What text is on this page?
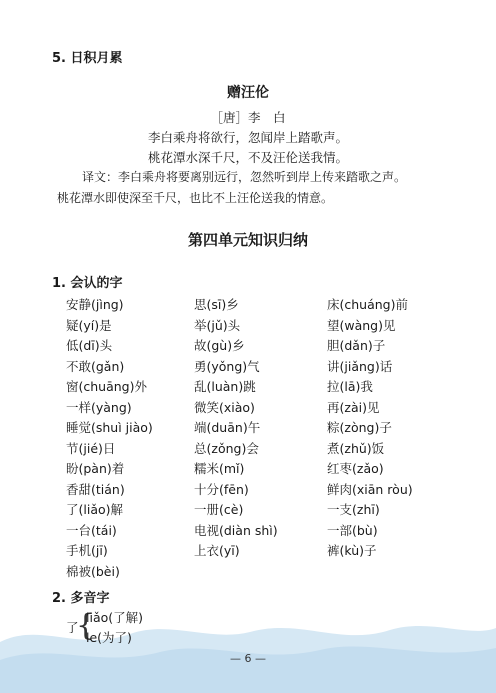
5. 日积月累
赠汪伦
［唐］李　白
李白乘舟将欲行，忽闻岸上踏歌声。
桃花潭水深千尺，不及汪伦送我情。
译文：李白乘舟将要离别远行，忽然听到岸上传来踏歌之声。
桃花潭水即使深至千尺，也比不上汪伦送我的情意。
第四单元知识归纳
1. 会认的字
安静(jìng)	思(sī)乡	床(chuáng)前
疑(yí)是	举(jǔ)头	望(wàng)见
低(dī)头	故(gù)乡	胆(dǎn)子
不敢(gǎn)	勇(yǒng)气	讲(jiǎng)话
窗(chuāng)外	乱(luàn)跳	拉(lā)我
一样(yàng)	微笑(xiào)	再(zài)见
睡觉(shuì jiào)	端(duān)午	粽(zòng)子
节(jié)日	总(zǒng)会	煮(zhǔ)饭
盼(pàn)着	糯米(mǐ)	红枣(zǎo)
香甜(tián)	十分(fēn)	鲜肉(xiān ròu)
了(liǎo)解	一册(cè)	一支(zhī)
一台(tái)	电视(diàn shì)	一部(bù)
手机(jī)	上衣(yī)	裤(kù)子
棉被(bèi)
2. 多音字
了
{
liǎo(了解)
le(为了)
— 6 —
